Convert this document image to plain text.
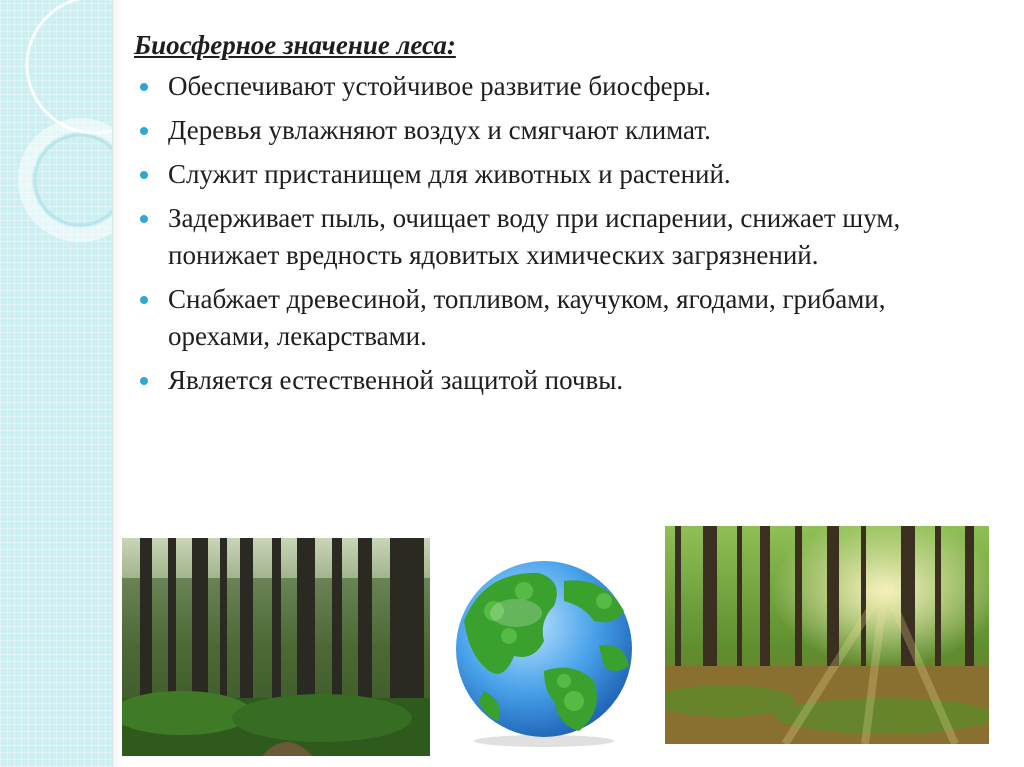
Биосферное значение леса:
Обеспечивают устойчивое развитие биосферы.
Деревья увлажняют воздух и смягчают климат.
Служит пристанищем для животных и растений.
Задерживает пыль, очищает воду при испарении, снижает шум, понижает вредность ядовитых химических загрязнений.
Снабжает древесиной, топливом, каучуком, ягодами, грибами, орехами, лекарствами.
Является естественной защитой почвы.
